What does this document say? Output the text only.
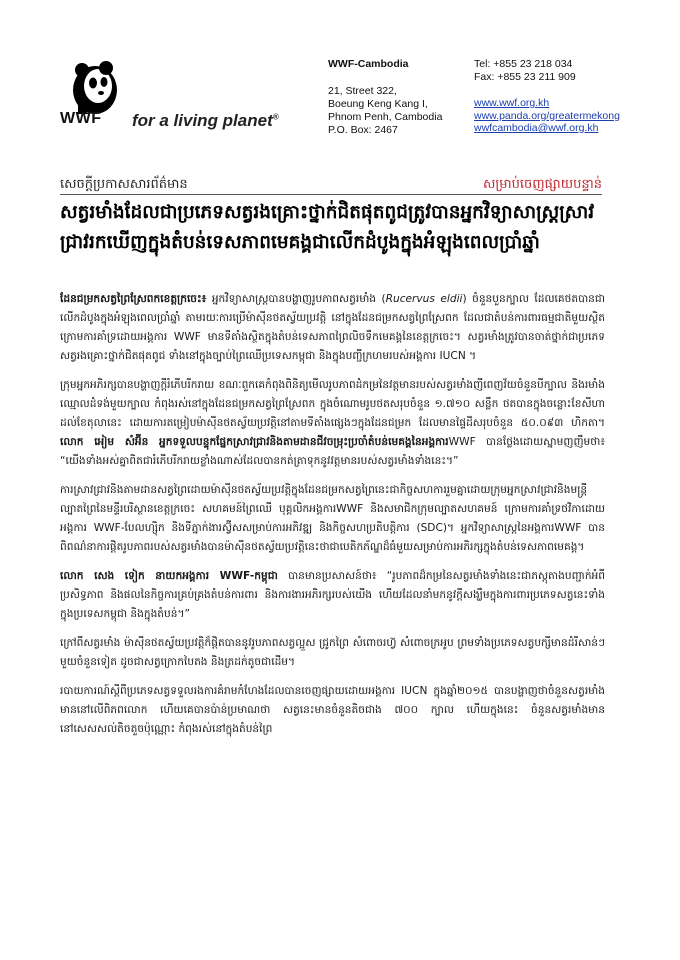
WWF for a living planet®
WWF-Cambodia
21, Street 322,
Boeung Keng Kang I,
Phnom Penh, Cambodia
P.O. Box: 2467
Tel: +855 23 218 034
Fax: +855 23 211 909
www.wwf.org.kh
www.panda.org/greatermekong
wwfcambodia@wwf.org.kh
សេចក្តីប្រកាសសារព័ត៌មាន	សម្រាប់ចេញផ្សាយបន្ទាន់
សត្វរមាំងដែលជាប្រភេទសត្វរងគ្រោះថ្នាក់ជិតផុតពូជត្រូវបានអ្នកវិទ្យាសាស្ត្រស្រាវជ្រាវរកឃើញក្នុងតំបន់ទេសភាពមេគង្គជាលើកដំបូងក្នុងអំឡុងពេលប្រាំឆ្នាំ

ដែនជម្រកសត្វព្រៃស្រែពកខេត្តក្រចេះ៖ អ្នកវិទ្យាសាស្ត្របានបង្ហាញរូបភាពសត្វរមាំង (Rucervus eldii) ចំនួនបួនក្បាល ដែលគេថតបានជាលើកដំបូងក្នុងអំឡុងពេលប្រាំឆ្នាំ តាមរយៈការប្រើម៉ាស៊ីនថតស្វ័យប្រវត្តិ នៅក្នុងដែនជម្រកសត្វព្រៃស្រែពក ដែលជាតំបន់ការពារធម្មជាតិមួយស្ថិតក្រោមការគាំទ្រដោយអង្គការ WWF មានទីតាំងស្ថិតក្នុងតំបន់ទេសភាពព្រៃលិចទឹកមេគង្គនៃខេត្តក្រចេះ។ សត្វរមាំងត្រូវបានចាត់ថ្នាក់ជាប្រភេទសត្វរងគ្រោះថ្នាក់ជិតផុតពូជ ទាំងនៅក្នុងច្បាប់ព្រៃឈើប្រទេសកម្ពុជា និងក្នុងបញ្ជីក្រហមរបស់អង្គការ IUCN ។

ក្រុមអ្នកអភិរក្សបានបង្ហាញក្តីរំភើបរីករាយ ខណៈពួកគេកំពុងពិនិត្យមើលរូបភាពដំកម្រនៃវត្តមានរបស់សត្វរមាំងញីពេញវ័យចំនួនបីក្បាល និងរមាំងឈ្មោលដំទង់មួយក្បាល កំពុងរស់នៅក្នុងដែនជម្រកសត្វព្រៃស្រែពក ក្នុងចំណោមរូបថតសរុបចំនួន ១.៧១០ សន្លឹក ថតបានក្នុងចន្លោះខែសីហាដល់ខែតុលានេះ ដោយការតម្រៀបម៉ាស៊ីនថតស្វ័យប្រវត្តិនៅតាមទីតាំងផ្សេងៗក្នុងដែនជម្រក ដែលមានផ្ទៃដីសរុបចំនួន ៥០.០៩៣ ហិកតា។ លោក អៀម សំអ៊ីន អ្នកទទួលបន្ទុកផ្នែកស្រាវជ្រាវនិងតាមដានជីវចម្រុះប្រចាំតំបន់មេគង្គនៃអង្គការWWF បានថ្លែងដោយស្នាមញញឹមថា៖ “យើងទាំងអស់គ្នាពិតជារំភើបរីករាយខ្លាំងណាស់ដែលបានកត់ត្រាទុកនូវវត្តមានរបស់សត្វរមាំងទាំងនេះ។”

ការស្រាវជ្រាវនិងតាមដានសត្វព្រៃដោយម៉ាស៊ីនថតស្វ័យប្រវត្តិក្នុងដែនជម្រកសត្វព្រៃនេះជាកិច្ចសហការរួមគ្នាដោយក្រុមអ្នកស្រាវជ្រាវនិងមន្ត្រីល្បាតព្រៃនៃមន្ទីរបរិស្ថានខេត្តក្រចេះ សហគមន៍ព្រៃឈើ បុគ្គលិកអង្គការWWF និងសមាជិកក្រុមល្បាតសហគមន៍ ក្រោមការគាំទ្រថវិកាដោយអង្គការ WWF-បែលហ្ស៊ិក និងទីភ្នាក់ងារស្វ៊ីសសម្រាប់ការអភិវឌ្ឍ និងកិច្ចសហប្រតិបត្តិការ (SDC)។ អ្នកវិទ្យាសាស្ត្រនៃអង្គការWWF បានពិពណ៌នាការផ្តិតរូបភាពរបស់សត្វរមាំងបានម៉ាស៊ីនថតស្វ័យប្រវត្តិនេះថាជាបេតិកភ័ណ្ឌដ៏ធំមួយសម្រាប់ការអភិរក្សក្នុងតំបន់ទេសភាពមេគង្គ។

លោក សេង ទៀក នាយកអង្គការ WWF-កម្ពុជា បានមានប្រសាសន៍ថា៖ “រូបភាពដ៏កម្រនៃសត្វរមាំងទាំងនេះជាភស្តុតាងបញ្ជាក់អំពីប្រសិទ្ធភាព និងផលនៃកិច្ចការគ្រប់គ្រងតំបន់ការពារ និងការងារអភិរក្សរបស់យើង ហើយដែលនាំមកនូវក្តីសង្ឃឹមក្នុងការពារប្រភេទសត្វនេះទាំងក្នុងប្រទេសកម្ពុជា និងក្នុងតំបន់។”

ក្រៅពីសត្វរមាំង ម៉ាស៊ីនថតស្វ័យប្រវត្តិក៏ផ្តិតបាននូវរូបភាពសត្វល្អួស ជ្រូកព្រៃ សំពោចរហ្វ៊ សំពោចក្រអូប ព្រមទាំងប្រភេទសត្វបក្សីមានដំរីសាន់ៗមួយចំនួនទៀត ដូចជាសត្វក្រោកបៃតង និងត្រដក់តូចជាដើម។

របាយការណ៍ស្តីពីប្រភេទសត្វទទួលរងការគំរាមកំហែងដែលបានចេញផ្សាយដោយអង្គការ IUCN ក្នុងឆ្នាំ២០១៥ បានបង្ហាញថាចំនួនសត្វរមាំងមាននៅលើពិភពលោក ហើយគេបានប៉ាន់ប្រមាណថា សត្វនេះមានចំនួនតិចជាង ៧០០ ក្បាល ហើយក្នុងនេះ ចំនួនសត្វរមាំងមាននៅសេសសល់តិចតួចប៉ុណ្ណោះ កំពុងរស់នៅក្នុងតំបន់ព្រៃ
